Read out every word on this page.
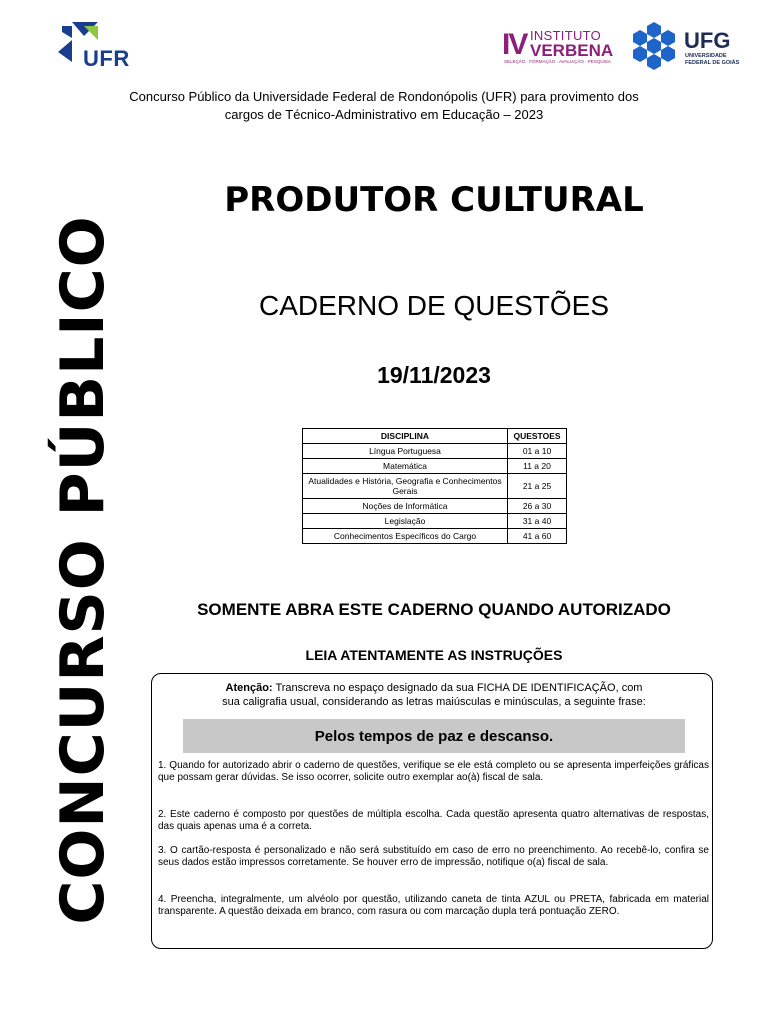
UFR	IV INSTITUTO
VERBENA
SELEÇÃO · FORMAÇÃO · AVALIAÇÃO · PESQUISA
UFG
UNIVERSIDADE
FEDERAL DE GOIÁS
Concurso Público da Universidade Federal de Rondonópolis (UFR) para provimento dos
cargos de Técnico-Administrativo em Educação – 2023
CONCURSO PÚBLICO
PRODUTOR CULTURAL
CADERNO DE QUESTÕES
19/11/2023
DISCIPLINA	QUESTOES
Língua Portuguesa	01 a 10
Matemática	11 a 20
Atualidades e História, Geografia e Conhecimentos Gerais	21 a 25
Noções de Informática	26 a 30
Legislação	31 a 40
Conhecimentos Específicos do Cargo	41 a 60
SOMENTE ABRA ESTE CADERNO QUANDO AUTORIZADO
LEIA ATENTAMENTE AS INSTRUÇÕES
Atenção: Transcreva no espaço designado da sua FICHA DE IDENTIFICAÇÃO, com
sua caligrafia usual, considerando as letras maiúsculas e minúsculas, a seguinte frase:
Pelos tempos de paz e descanso.
1. Quando for autorizado abrir o caderno de questões, verifique se ele está completo ou se apresenta imperfeições gráficas que possam gerar dúvidas. Se isso ocorrer, solicite outro exemplar ao(à) fiscal de sala.
2. Este caderno é composto por questões de múltipla escolha. Cada questão apresenta quatro alternativas de respostas, das quais apenas uma é a correta.
3. O cartão-resposta é personalizado e não será substituído em caso de erro no preenchimento. Ao recebê-lo, confira se seus dados estão impressos corretamente. Se houver erro de impressão, notifique o(a) fiscal de sala.
4. Preencha, integralmente, um alvéolo por questão, utilizando caneta de tinta AZUL ou PRETA, fabricada em material transparente. A questão deixada em branco, com rasura ou com marcação dupla terá pontuação ZERO.
